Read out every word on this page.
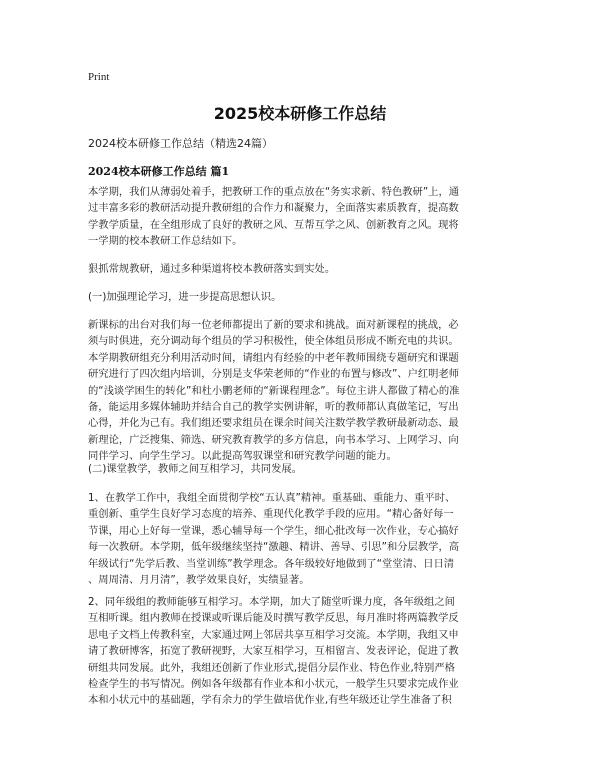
Print
2025校本研修工作总结
2024校本研修工作总结（精选24篇）
2024校本研修工作总结 篇1

本学期，我们从薄弱处着手，把教研工作的重点放在“务实求新、特色教研”上，通
过丰富多彩的教研活动提升教研组的合作力和凝聚力，全面落实素质教育，提高数
学教学质量，在全组形成了良好的教研之风、互帮互学之风、创新教育之风。现将
一学期的校本教研工作总结如下。

狠抓常规教研，通过多种渠道将校本教研落实到实处。

(一)加强理论学习，进一步提高思想认识。

新课标的出台对我们每一位老师都提出了新的要求和挑战。面对新课程的挑战，必
须与时俱进，充分调动每个组员的学习积极性，使全体组员形成不断充电的共识。
本学期教研组充分利用活动时间，请组内有经验的中老年教师围绕专题研究和课题
研究进行了四次组内培训，分别是支华荣老师的“作业的布置与修改”、户红明老师
的“浅谈学困生的转化”和杜小鹏老师的“新课程理念”。每位主讲人都做了精心的准
备，能运用多媒体辅助并结合自己的教学实例讲解，听的教师都认真做笔记，写出
心得，并化为己有。我们组还要求组员在课余时间关注数学教学教研最新动态、最
新理论，广泛搜集、筛选、研究教育教学的多方信息，向书本学习、上网学习、向
同伴学习、向学生学习。以此提高驾驭课堂和研究教学问题的能力。

(二)课堂教学，教师之间互相学习，共同发展。

1、在教学工作中，我组全面贯彻学校“五认真”精神。重基础、重能力、重平时、
重创新、重学生良好学习态度的培养、重现代化教学手段的应用。“精心备好每一
节课，用心上好每一堂课，悉心辅导每一个学生，细心批改每一次作业，专心搞好
每一次教研。本学期，低年级继续坚持“激趣、精讲、善导、引思”和分层教学，高
年级试行“先学后教、当堂训练”教学理念。各年级较好地做到了“堂堂清、日日清
、周周清、月月清”，教学效果良好，实绩显著。

2、同年级组的教师能够互相学习。本学期，加大了随堂听课力度，各年级组之间
互相听课。组内教师在授课或听课后能及时撰写教学反思，每月准时将两篇教学反
思电子文档上传教科室，大家通过网上邻居共享互相学习交流。本学期，我组又申
请了教研博客，拓宽了教研视野，大家互相学习，互相留言、发表评论，促进了教
研组共同发展。此外，我组还创新了作业形式,提倡分层作业、特色作业,特别严格
检查学生的书写情况。例如各年级都有作业本和小状元，一般学生只要求完成作业
本和小状元中的基础题，学有余力的学生做培优作业,有些年级还让学生准备了积
